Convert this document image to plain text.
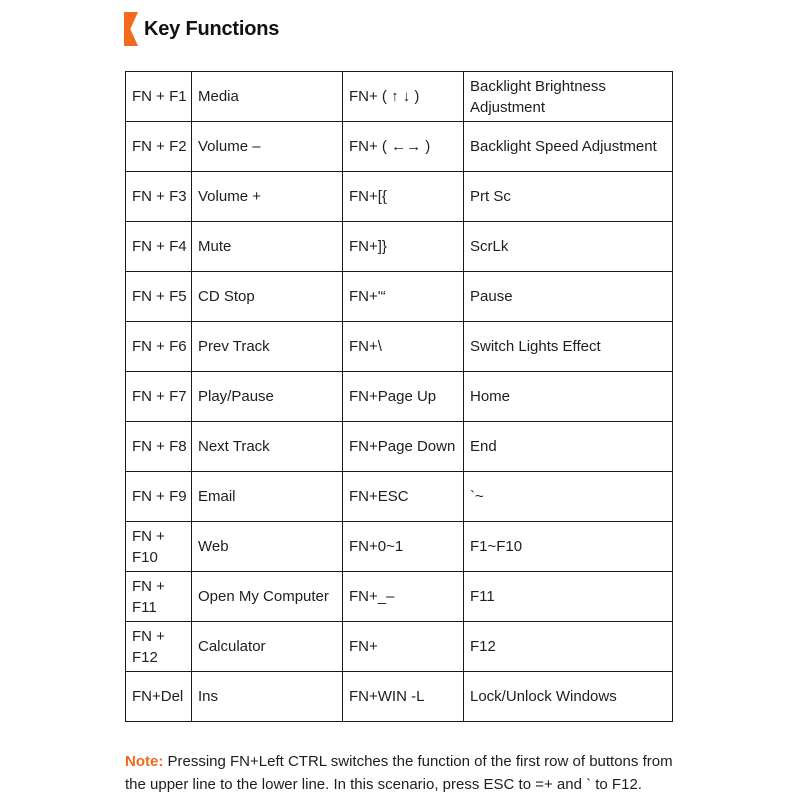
Key Functions
FN + F1	Media	FN+ ( ↑ ↓ )	Backlight Brightness Adjustment
FN + F2	Volume –	FN+ ( ←→ )	Backlight Speed Adjustment
FN + F3	Volume +	FN+[{	Prt Sc
FN + F4	Mute	FN+]}	ScrLk
FN + F5	CD Stop	FN+'“	Pause
FN + F6	Prev Track	FN+\	Switch Lights Effect
FN + F7	Play/Pause	FN+Page Up	Home
FN + F8	Next Track	FN+Page Down	End
FN + F9	Email	FN+ESC	`~
FN + F10	Web	FN+0~1	F1~F10
FN + F11	Open My Computer	FN+_–	F11
FN + F12	Calculator	FN+	F12
FN+Del	Ins	FN+WIN -L	Lock/Unlock Windows
Note: Pressing FN+Left CTRL switches the function of the first row of buttons from the upper line to the lower line. In this scenario, press ESC to =+ and ` to F12.
